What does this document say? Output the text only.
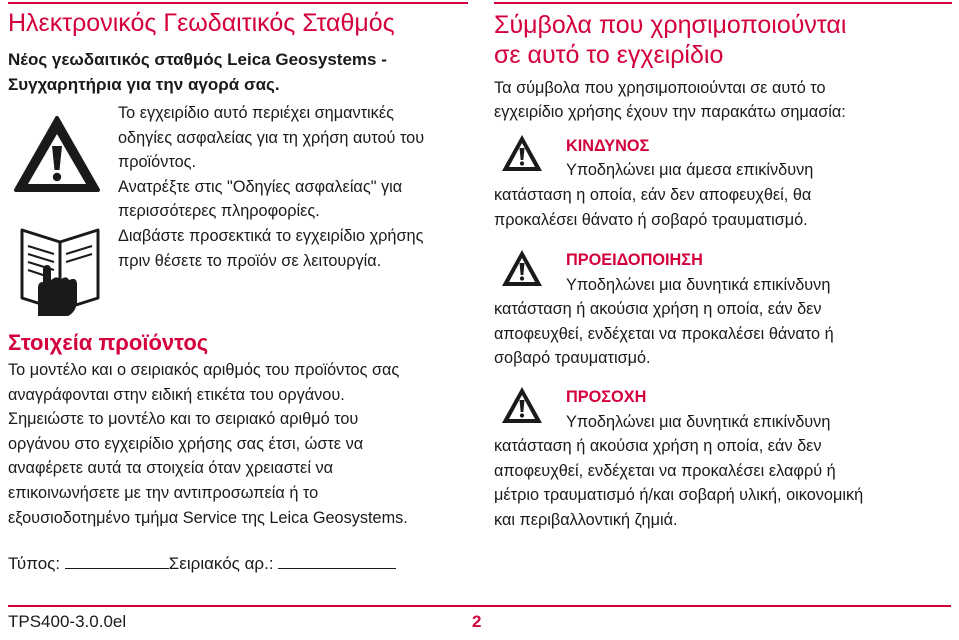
Ηλεκτρονικός Γεωδαιτικός Σταθμός
Νέος γεωδαιτικός σταθμός Leica Geosystems -
Συγχαρητήρια για την αγορά σας.
Το εγχειρίδιο αυτό περιέχει σημαντικές
οδηγίες ασφαλείας για τη χρήση αυτού του
προϊόντος.
Ανατρέξτε στις "Οδηγίες ασφαλείας" για
περισσότερες πληροφορίες.
Διαβάστε προσεκτικά το εγχειρίδιο χρήσης
πριν θέσετε το προϊόν σε λειτουργία.
Στοιχεία προϊόντος
Το μοντέλο και ο σειριακός αριθμός του προϊόντος σας
αναγράφονται στην ειδική ετικέτα του οργάνου.
Σημειώστε το μοντέλο και το σειριακό αριθμό του
οργάνου στο εγχειρίδιο χρήσης σας έτσι, ώστε να
αναφέρετε αυτά τα στοιχεία όταν χρειαστεί να
επικοινωνήσετε με την αντιπροσωπεία ή το
εξουσιοδοτημένο τμήμα Service της Leica Geosystems.
Τύπος:	Σειριακός αρ.:
Σύμβολα που χρησιμοποιούνται
σε αυτό το εγχειρίδιο
Τα σύμβολα που χρησιμοποιούνται σε αυτό το
εγχειρίδιο χρήσης έχουν την παρακάτω σημασία:
ΚΙΝΔΥΝΟΣ
Υποδηλώνει μια άμεσα επικίνδυνη
κατάσταση η οποία, εάν δεν αποφευχθεί, θα
προκαλέσει θάνατο ή σοβαρό τραυματισμό.
ΠΡΟΕΙΔΟΠΟΙΗΣΗ
Υποδηλώνει μια δυνητικά επικίνδυνη
κατάσταση ή ακούσια χρήση η οποία, εάν δεν
αποφευχθεί, ενδέχεται να προκαλέσει θάνατο ή
σοβαρό τραυματισμό.
ΠΡΟΣΟΧΗ
Υποδηλώνει μια δυνητικά επικίνδυνη
κατάσταση ή ακούσια χρήση η οποία, εάν δεν
αποφευχθεί, ενδέχεται να προκαλέσει ελαφρύ ή
μέτριο τραυματισμό ή/και σοβαρή υλική, οικονομική
και περιβαλλοντική ζημιά.
TPS400-3.0.0el	2
